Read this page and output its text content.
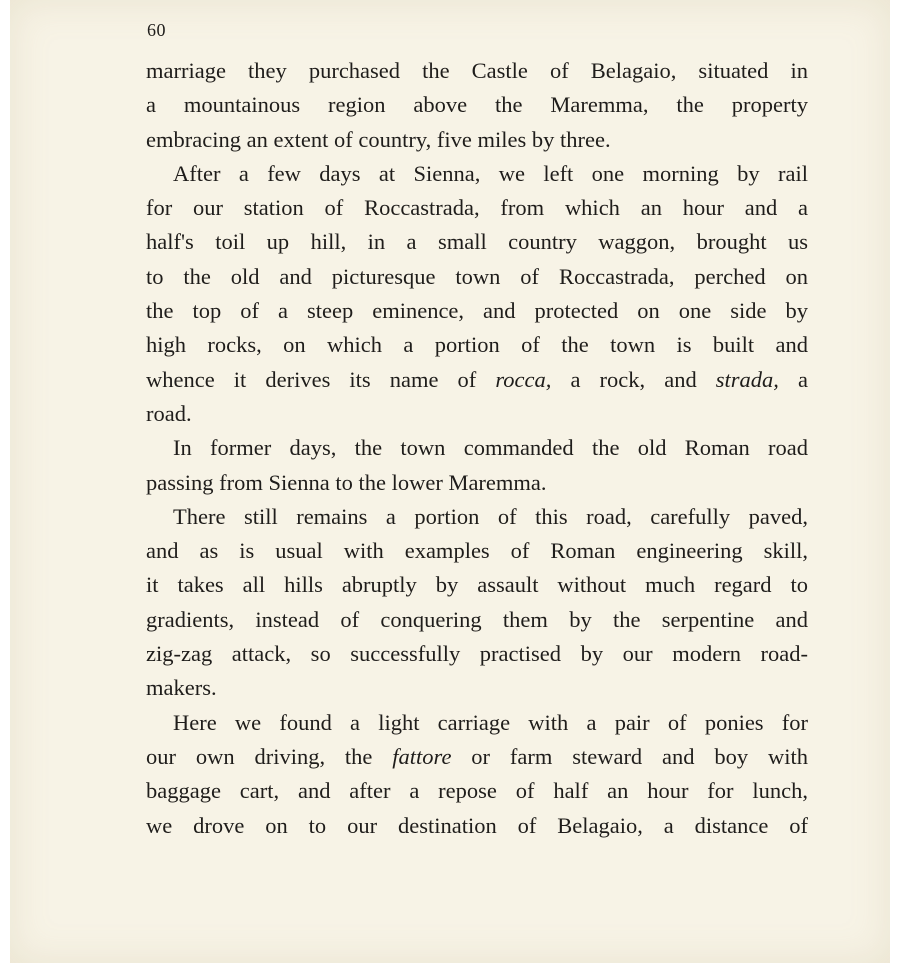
60
marriage they purchased the Castle of Belagaio, situated in
a mountainous region above the Maremma, the property
embracing an extent of country, five miles by three.
After a few days at Sienna, we left one morning by rail
for our station of Roccastrada, from which an hour and a
half's toil up hill, in a small country waggon, brought us
to the old and picturesque town of Roccastrada, perched on
the top of a steep eminence, and protected on one side by
high rocks, on which a portion of the town is built and
whence it derives its name of rocca, a rock, and strada, a
road.
In former days, the town commanded the old Roman road
passing from Sienna to the lower Maremma.
There still remains a portion of this road, carefully paved,
and as is usual with examples of Roman engineering skill,
it takes all hills abruptly by assault without much regard to
gradients, instead of conquering them by the serpentine and
zig-zag attack, so successfully practised by our modern road-
makers.
Here we found a light carriage with a pair of ponies for
our own driving, the fattore or farm steward and boy with
baggage cart, and after a repose of half an hour for lunch,
we drove on to our destination of Belagaio, a distance of
